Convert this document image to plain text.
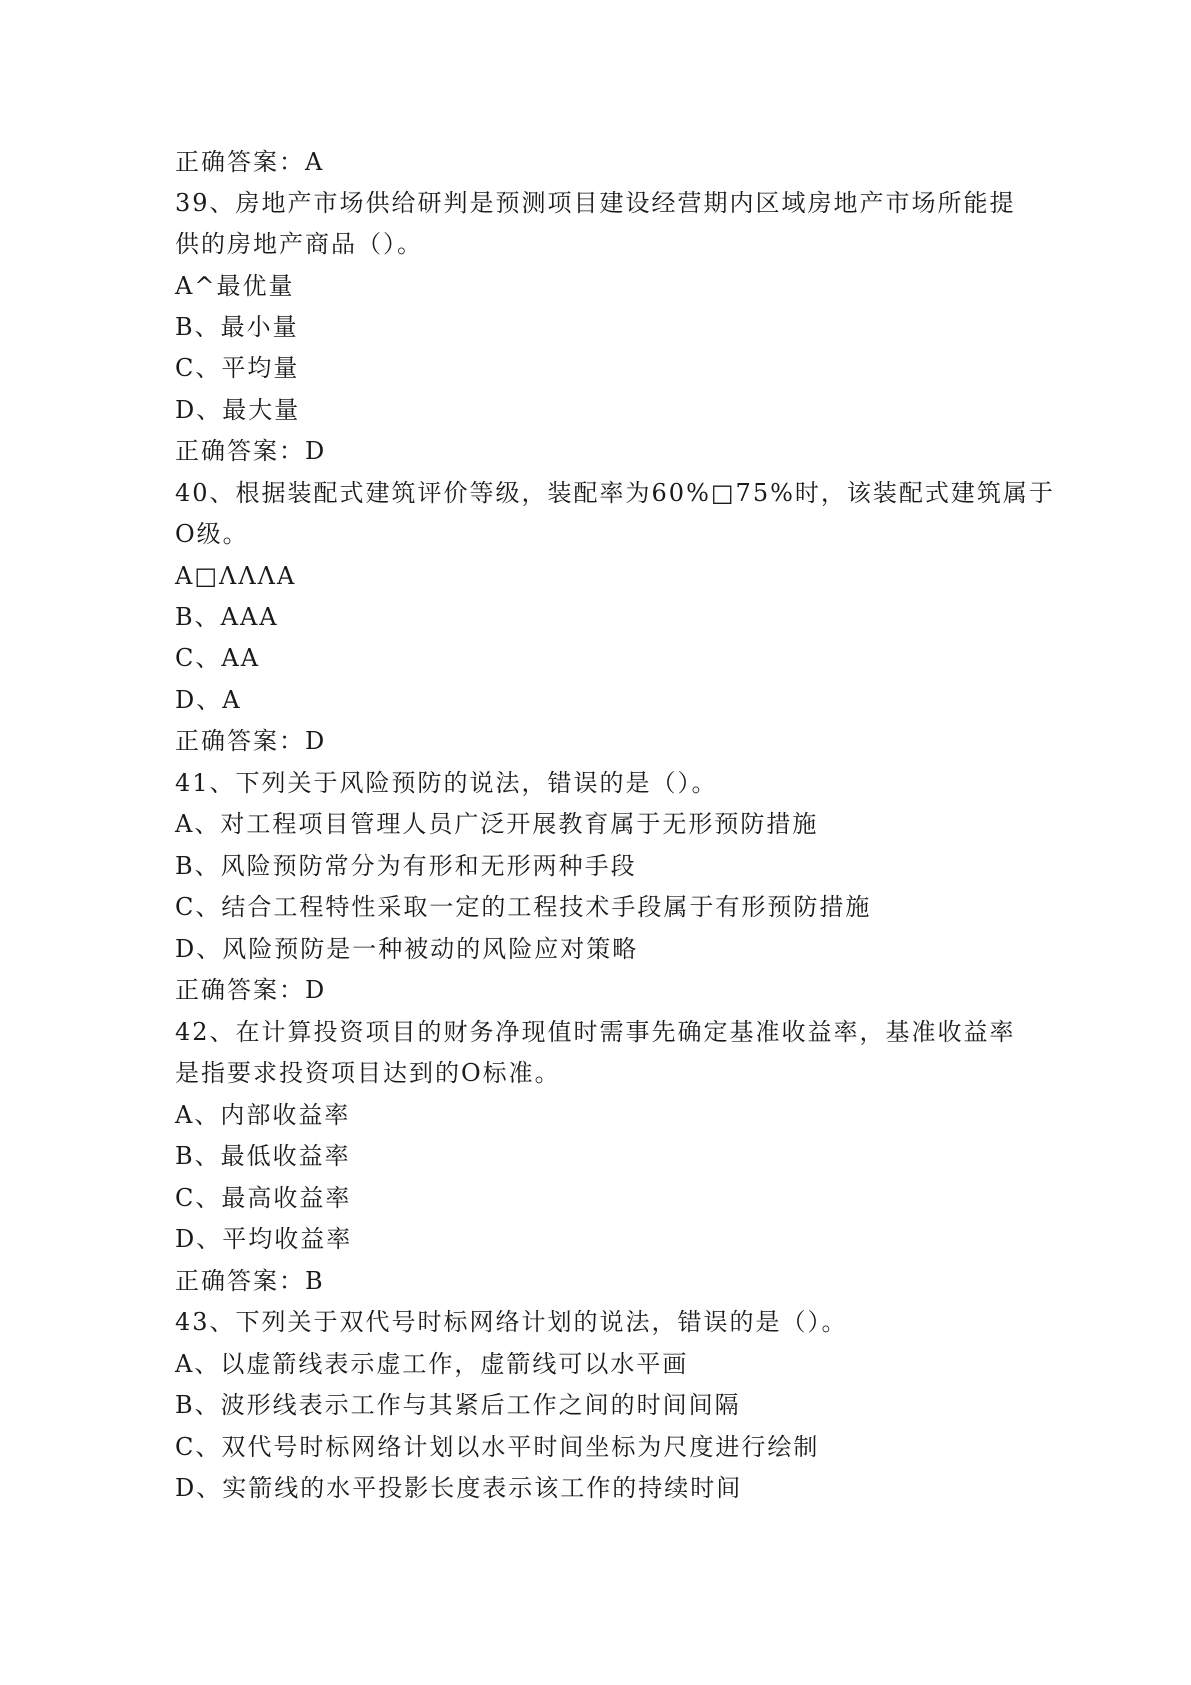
正确答案：A
39、房地产市场供给研判是预测项目建设经营期内区域房地产市场所能提
供的房地产商品（）。
A^最优量
B、最小量
C、平均量
D、最大量
正确答案：D
40、根据装配式建筑评价等级，装配率为60%□75%时，该装配式建筑属于
O级。
A□ΛΛΛA
B、AAA
C、AA
D、A
正确答案：D
41、下列关于风险预防的说法，错误的是（）。
A、对工程项目管理人员广泛开展教育属于无形预防措施
B、风险预防常分为有形和无形两种手段
C、结合工程特性采取一定的工程技术手段属于有形预防措施
D、风险预防是一种被动的风险应对策略
正确答案：D
42、在计算投资项目的财务净现值时需事先确定基准收益率，基准收益率
是指要求投资项目达到的O标准。
A、内部收益率
B、最低收益率
C、最高收益率
D、平均收益率
正确答案：B
43、下列关于双代号时标网络计划的说法，错误的是（）。
A、以虚箭线表示虚工作，虚箭线可以水平画
B、波形线表示工作与其紧后工作之间的时间间隔
C、双代号时标网络计划以水平时间坐标为尺度进行绘制
D、实箭线的水平投影长度表示该工作的持续时间
